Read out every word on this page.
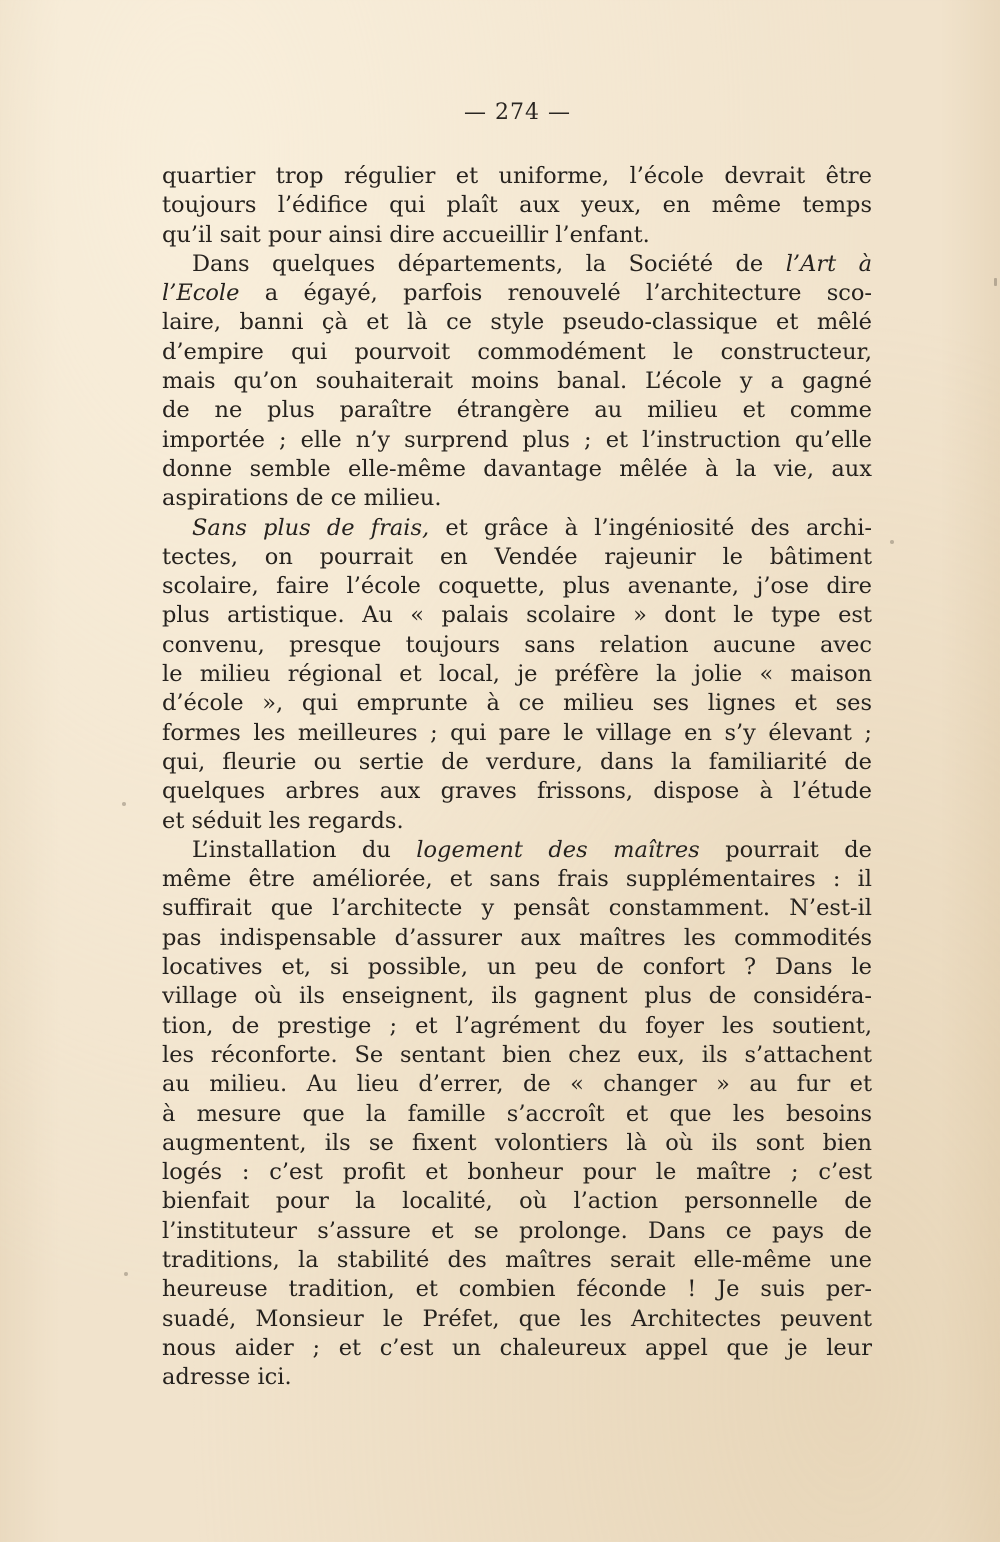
— 274 —
quartier trop régulier et uniforme, l’école devrait être
toujours l’édifice qui plaît aux yeux, en même temps
qu’il sait pour ainsi dire accueillir l’enfant.
Dans quelques départements, la Société de l’Art à
l’Ecole a égayé, parfois renouvelé l’architecture sco-
laire, banni çà et là ce style pseudo-classique et mêlé
d’empire qui pourvoit commodément le constructeur,
mais qu’on souhaiterait moins banal. L’école y a gagné
de ne plus paraître étrangère au milieu et comme
importée ; elle n’y surprend plus ; et l’instruction qu’elle
donne semble elle-même davantage mêlée à la vie, aux
aspirations de ce milieu.
Sans plus de frais, et grâce à l’ingéniosité des archi-
tectes, on pourrait en Vendée rajeunir le bâtiment
scolaire, faire l’école coquette, plus avenante, j’ose dire
plus artistique. Au « palais scolaire » dont le type est
convenu, presque toujours sans relation aucune avec
le milieu régional et local, je préfère la jolie « maison
d’école », qui emprunte à ce milieu ses lignes et ses
formes les meilleures ; qui pare le village en s’y élevant ;
qui, fleurie ou sertie de verdure, dans la familiarité de
quelques arbres aux graves frissons, dispose à l’étude
et séduit les regards.
L’installation du logement des maîtres pourrait de
même être améliorée, et sans frais supplémentaires : il
suffirait que l’architecte y pensât constamment. N’est-il
pas indispensable d’assurer aux maîtres les commodités
locatives et, si possible, un peu de confort ? Dans le
village où ils enseignent, ils gagnent plus de considéra-
tion, de prestige ; et l’agrément du foyer les soutient,
les réconforte. Se sentant bien chez eux, ils s’attachent
au milieu. Au lieu d’errer, de « changer » au fur et
à mesure que la famille s’accroît et que les besoins
augmentent, ils se fixent volontiers là où ils sont bien
logés : c’est profit et bonheur pour le maître ; c’est
bienfait pour la localité, où l’action personnelle de
l’instituteur s’assure et se prolonge. Dans ce pays de
traditions, la stabilité des maîtres serait elle-même une
heureuse tradition, et combien féconde ! Je suis per-
suadé, Monsieur le Préfet, que les Architectes peuvent
nous aider ; et c’est un chaleureux appel que je leur
adresse ici.
